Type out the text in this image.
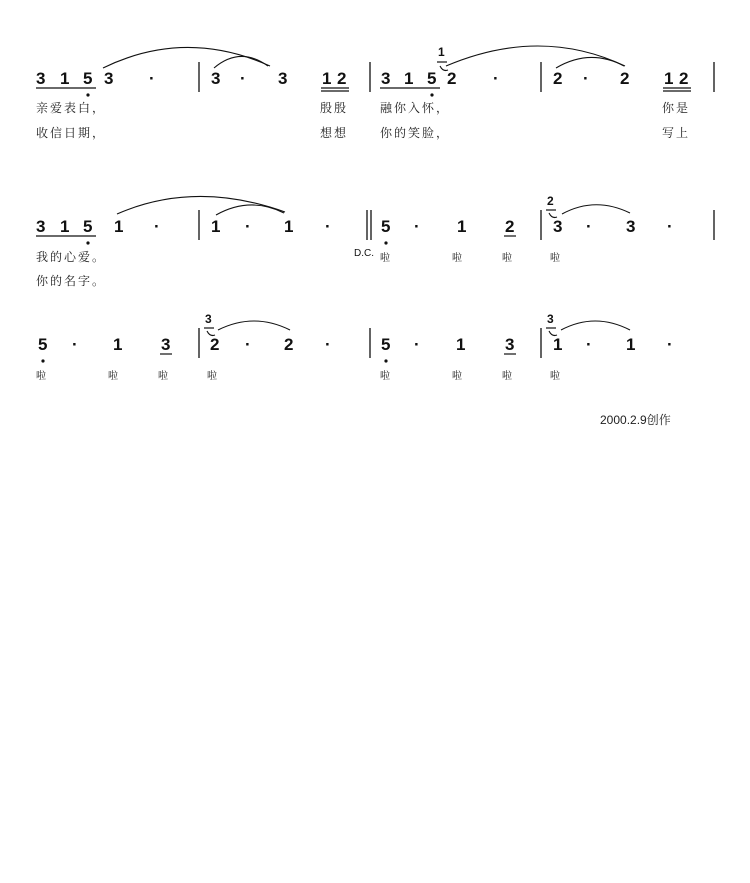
1
3 1 5 3 ·	3 · 3 1 2 3 1 5 2 ·	2 · 2 1 2
亲爱表白，	殷殷	融你入怀，	你是
收信日期，	想想	你的笑脸，	写上
2
3 1 5 1 ·	1 · 1 ·	5 · 1 2 3 · 3 ·
D.C.
我的心爱。
你的名字。
啦	啦	啦	啦
3	3
5 · 1 3 2 · 2 ·	5 · 1 3 1 · 1 ·
啦	啦	啦	啦	啦	啦	啦	啦
2000.2.9创作
